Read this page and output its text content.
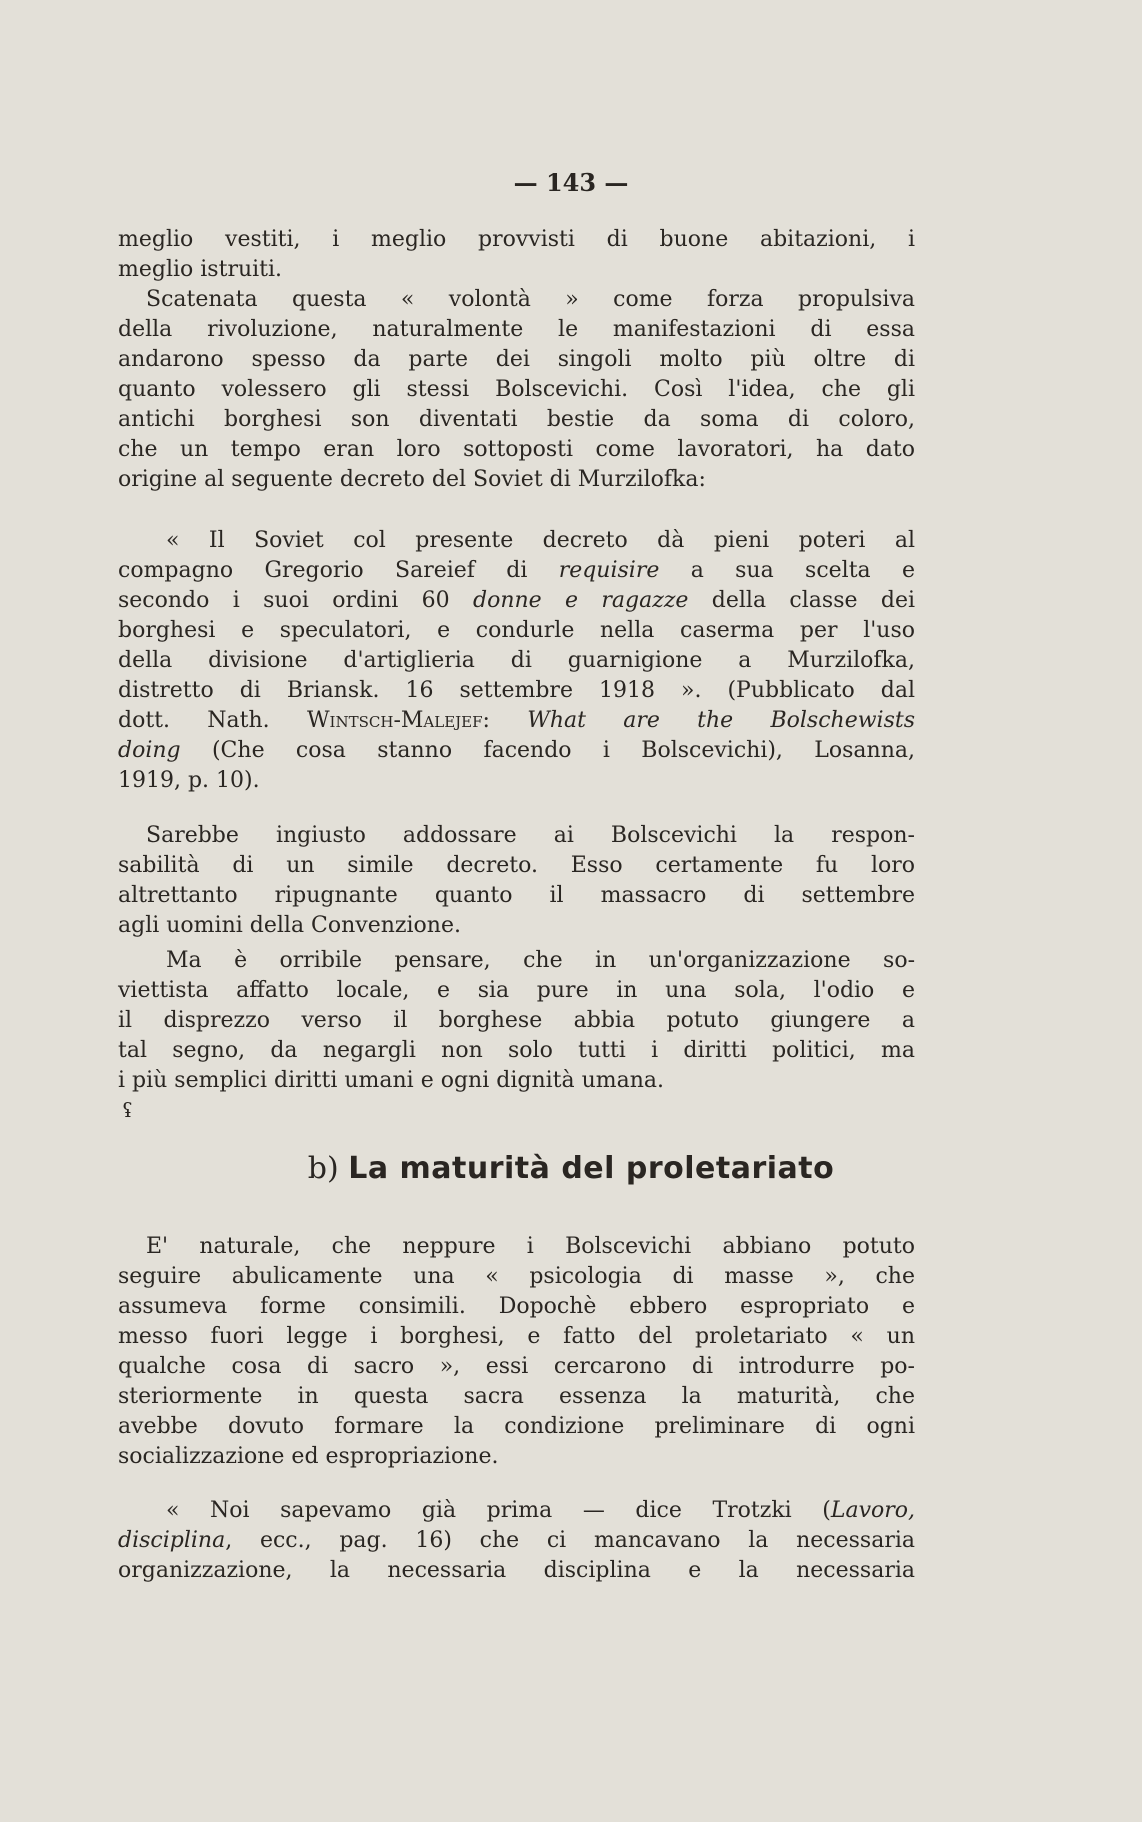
— 143 —
meglio vestiti, i meglio provvisti di buone abitazioni, i
meglio istruiti.
Scatenata questa « volontà » come forza propulsiva
della rivoluzione, naturalmente le manifestazioni di essa
andarono spesso da parte dei singoli molto più oltre di
quanto volessero gli stessi Bolscevichi. Così l'idea, che gli
antichi borghesi son diventati bestie da soma di coloro,
che un tempo eran loro sottoposti come lavoratori, ha dato
origine al seguente decreto del Soviet di Murzilofka:
« Il Soviet col presente decreto dà pieni poteri al
compagno Gregorio Sareief di requisire a sua scelta e
secondo i suoi ordini 60 donne e ragazze della classe dei
borghesi e speculatori, e condurle nella caserma per l'uso
della divisione d'artiglieria di guarnigione a Murzilofka,
distretto di Briansk. 16 settembre 1918 ». (Pubblicato dal
dott. Nath. Wintsch-Malejef: What are the Bolschewists
doing (Che cosa stanno facendo i Bolscevichi), Losanna,
1919, p. 10).
Sarebbe ingiusto addossare ai Bolscevichi la respon-
sabilità di un simile decreto. Esso certamente fu loro
altrettanto ripugnante quanto il massacro di settembre
agli uomini della Convenzione.
Ma è orribile pensare, che in un'organizzazione so-
viettista affatto locale, e sia pure in una sola, l'odio e
il disprezzo verso il borghese abbia potuto giungere a
tal segno, da negargli non solo tutti i diritti politici, ma
i più semplici diritti umani e ogni dignità umana.
ʢ
b) La maturità del proletariato
E' naturale, che neppure i Bolscevichi abbiano potuto
seguire abulicamente una « psicologia di masse », che
assumeva forme consimili. Dopochè ebbero espropriato e
messo fuori legge i borghesi, e fatto del proletariato « un
qualche cosa di sacro », essi cercarono di introdurre po-
steriormente in questa sacra essenza la maturità, che
avebbe dovuto formare la condizione preliminare di ogni
socializzazione ed espropriazione.
« Noi sapevamo già prima — dice Trotzki (Lavoro,
disciplina, ecc., pag. 16) che ci mancavano la necessaria
organizzazione, la necessaria disciplina e la necessaria
